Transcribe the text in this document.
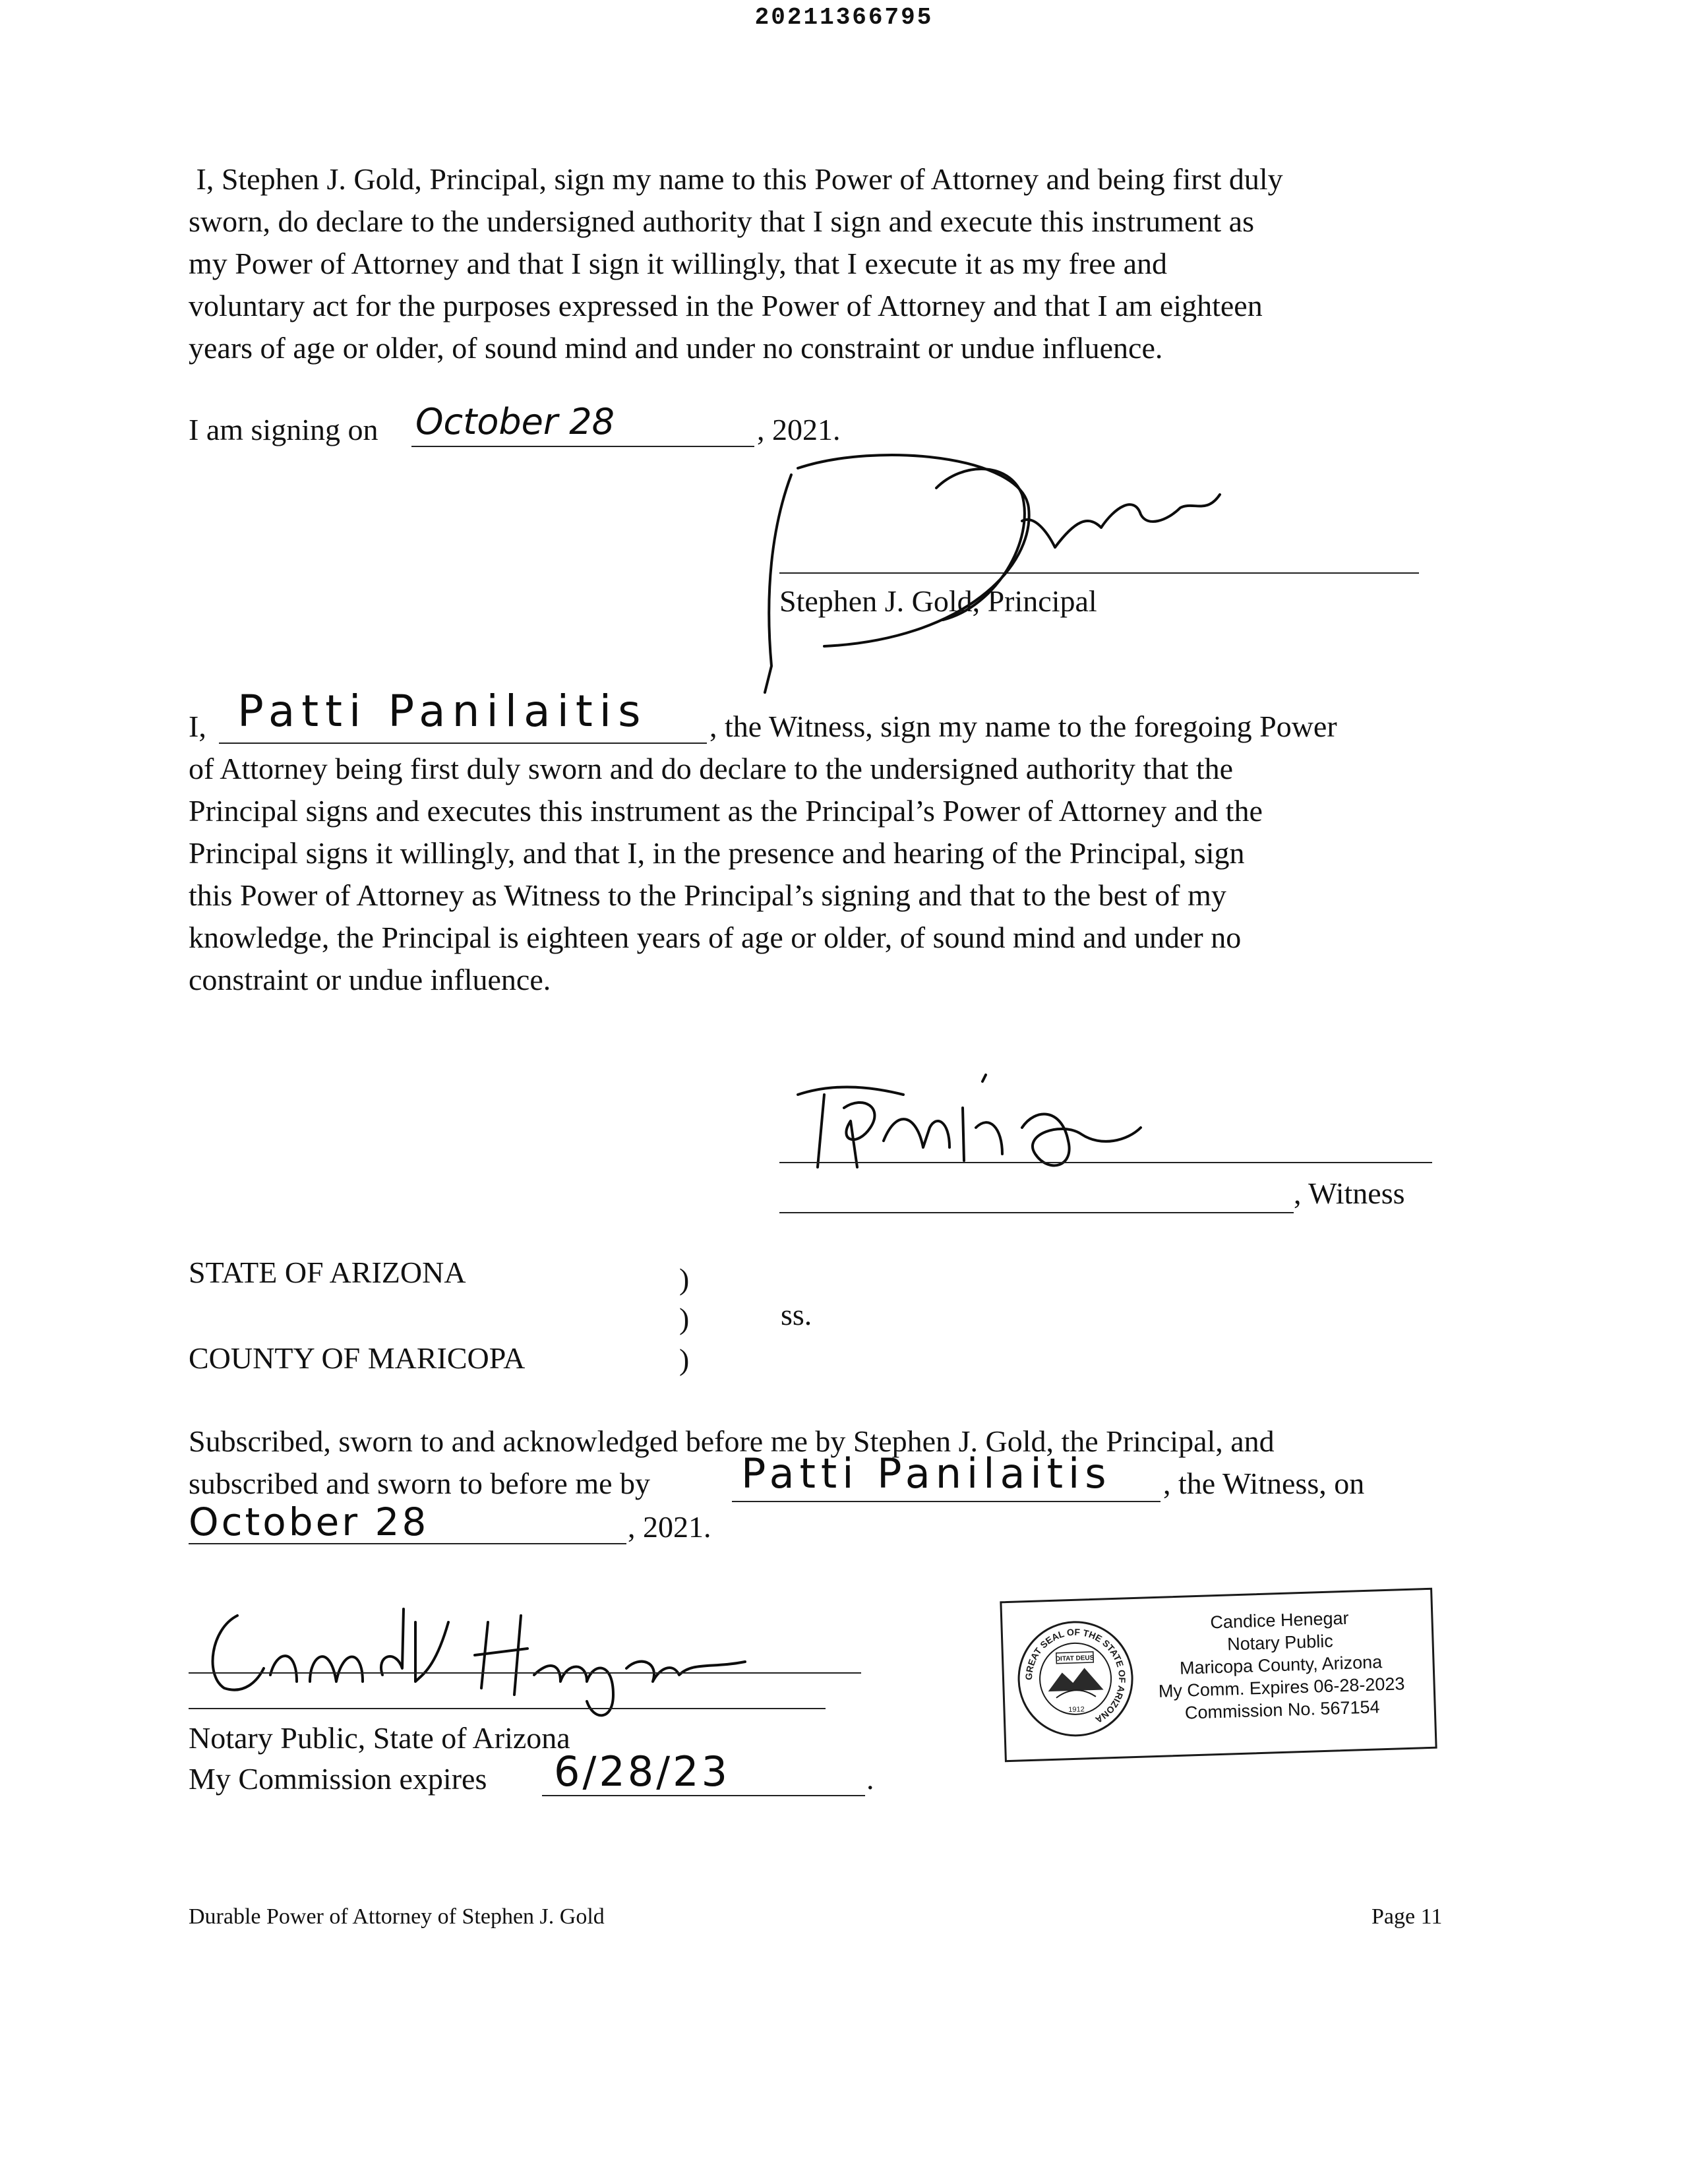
20211366795
I, Stephen J. Gold, Principal, sign my name to this Power of Attorney and being first duly
sworn, do declare to the undersigned authority that I sign and execute this instrument as
my Power of Attorney and that I sign it willingly, that I execute it as my free and
voluntary act for the purposes expressed in the Power of Attorney and that I am eighteen
years of age or older, of sound mind and under no constraint or undue influence.
I am signing on October 28	, 2021.
Stephen J. Gold, Principal
I, Patti Panilaitis , the Witness, sign my name to the foregoing Power
of Attorney being first duly sworn and do declare to the undersigned authority that the
Principal signs and executes this instrument as the Principal’s Power of Attorney and the
Principal signs it willingly, and that I, in the presence and hearing of the Principal, sign
this Power of Attorney as Witness to the Principal’s signing and that to the best of my
knowledge, the Principal is eighteen years of age or older, of sound mind and under no
constraint or undue influence.
, Witness
STATE OF ARIZONA	)
)	ss.
COUNTY OF MARICOPA	)
Subscribed, sworn to and acknowledged before me by Stephen J. Gold, the Principal, and
subscribed and sworn to before me by Patti Panilaitis , the Witness, on
October 28	, 2021.
Notary Public, State of Arizona
My Commission expires 6/28/23	.
GREAT SEAL OF THE STATE OF ARIZONA
DITAT DEUS
1912
Candice Henegar
Notary Public
Maricopa County, Arizona
My Comm. Expires 06-28-2023
Commission No. 567154
Durable Power of Attorney of Stephen J. Gold	Page 11
